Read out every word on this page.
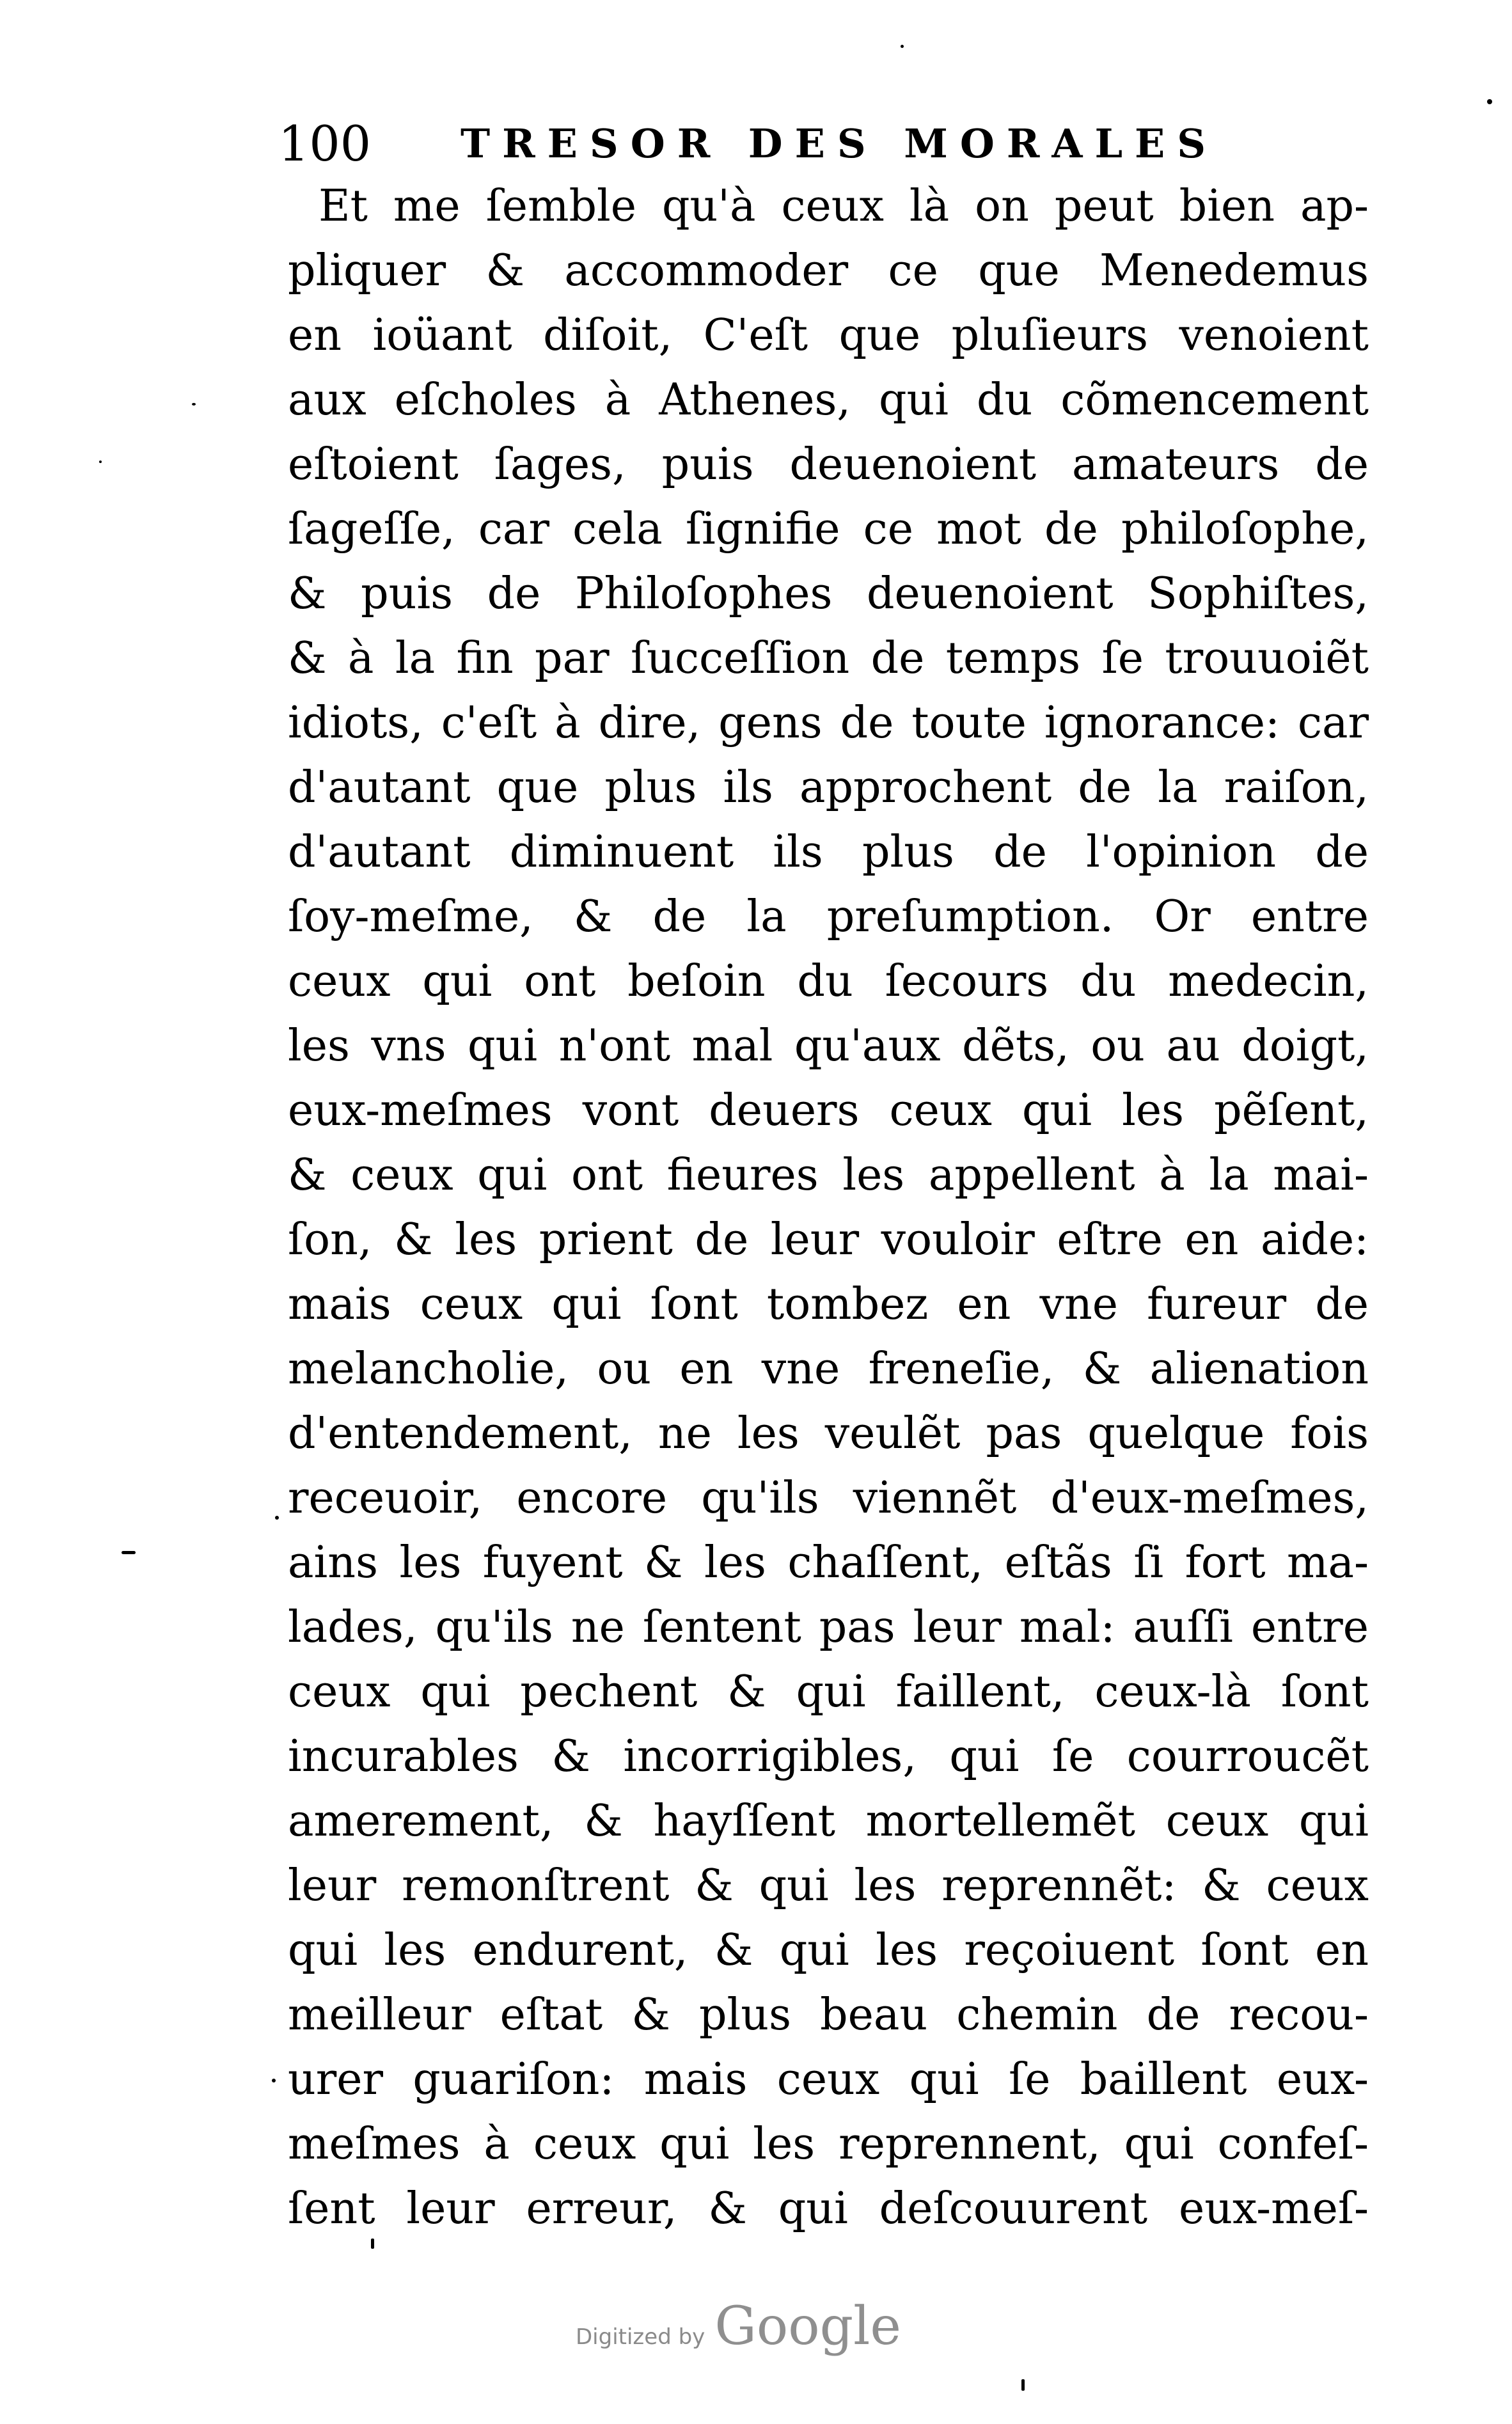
100 TRESOR DES MORALES
Et me ſemble qu'à ceux là on peut bien ap-
pliquer & accommoder ce que Menedemus
en ioüant diſoit, C'eſt que pluſieurs venoient
aux eſcholes à Athenes, qui du cõmencement
eſtoient ſages, puis deuenoient amateurs de
ſageſſe, car cela ſignifie ce mot de philoſophe,
& puis de Philoſophes deuenoient Sophiſtes,
& à la fin par ſucceſſion de temps ſe trouuoiẽt
idiots, c'eſt à dire, gens de toute ignorance: car
d'autant que plus ils approchent de la raiſon,
d'autant diminuent ils plus de l'opinion de
ſoy-meſme, & de la preſumption. Or entre
ceux qui ont beſoin du ſecours du medecin,
les vns qui n'ont mal qu'aux dẽts, ou au doigt,
eux-meſmes vont deuers ceux qui les pẽſent,
& ceux qui ont fieures les appellent à la mai-
ſon, & les prient de leur vouloir eſtre en aide:
mais ceux qui ſont tombez en vne fureur de
melancholie, ou en vne freneſie, & alienation
d'entendement, ne les veulẽt pas quelque fois
receuoir, encore qu'ils viennẽt d'eux-meſmes,
ains les fuyent & les chaſſent, eſtãs ſi fort ma-
lades, qu'ils ne ſentent pas leur mal: auſſi entre
ceux qui pechent & qui faillent, ceux-là ſont
incurables & incorrigibles, qui ſe courroucẽt
amerement, & hayſſent mortellemẽt ceux qui
leur remonſtrent & qui les reprennẽt: & ceux
qui les endurent, & qui les reçoiuent ſont en
meilleur eſtat & plus beau chemin de recou-
urer guariſon: mais ceux qui ſe baillent eux-
meſmes à ceux qui les reprennent, qui confeſ-
ſent leur erreur, & qui deſcouurent eux-meſ-
Digitized by Google
